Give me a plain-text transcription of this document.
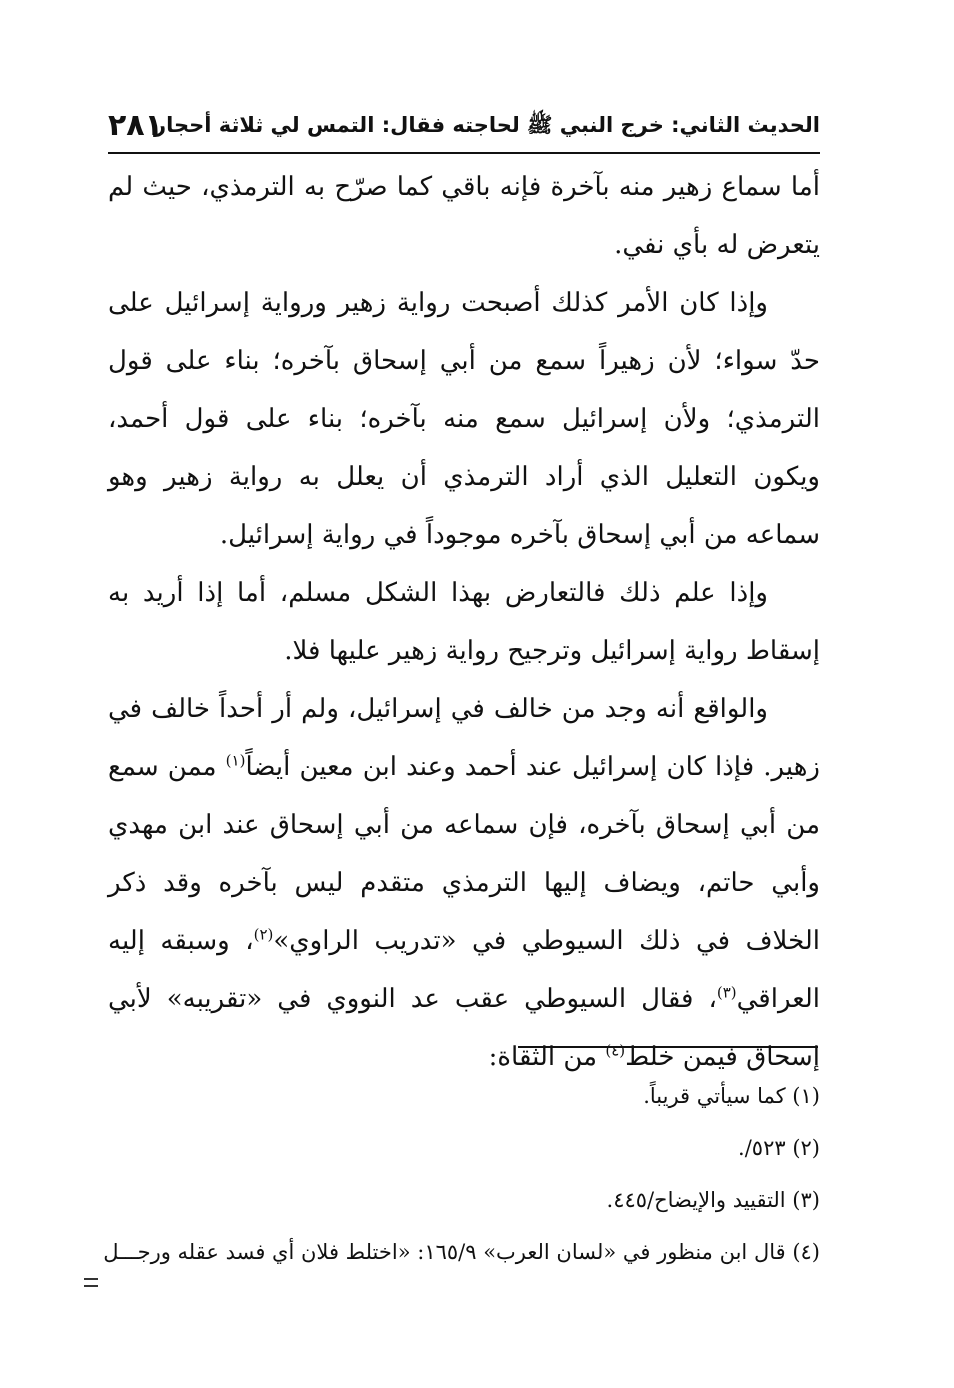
الحديث الثاني: خرج النبي ﷺ لحاجته فقال: التمس لي ثلاثة أحجار
٢٨١

أما سماع زهير منه بآخرة فإنه باقي كما صرّح به الترمذي، حيث لم يتعرض له بأي نفي.

وإذا كان الأمر كذلك أصبحت رواية زهير ورواية إسرائيل على حدّ سواء؛ لأن زهيراً سمع من أبي إسحاق بآخره؛ بناء على قول الترمذي؛ ولأن إسرائيل سمع منه بآخره؛ بناء على قول أحمد، ويكون التعليل الذي أراد الترمذي أن يعلل به رواية زهير وهو سماعه من أبي إسحاق بآخره موجوداً في رواية إسرائيل.

وإذا علم ذلك فالتعارض بهذا الشكل مسلم، أما إذا أريد به إسقاط رواية إسرائيل وترجيح رواية زهير عليها فلا.

والواقع أنه وجد من خالف في إسرائيل، ولم أر أحداً خالف في زهير. فإذا كان إسرائيل عند أحمد وعند ابن معين أيضاً$^{(١)}$ ممن سمع من أبي إسحاق بآخره، فإن سماعه من أبي إسحاق عند ابن مهدي وأبي حاتم، ويضاف إليها الترمذي متقدم ليس بآخره وقد ذكر الخلاف في ذلك السيوطي في «تدريب الراوي»$^{(٢)}$، وسبقه إليه العراقي$^{(٣)}$، فقال السيوطي عقب عد النووي في «تقريبه» لأبي إسحاق فيمن خلط$^{(٤)}$ من الثقاة:

(١) كما سيأتي قريباً.

(٢) ٥٢٣/.

(٣) التقييد والإيضاح/٤٤٥.

(٤) قال ابن منظور في «لسان العرب» ١٦٥/٩: «اختلط فلان أي فسد عقله ورجـــل
